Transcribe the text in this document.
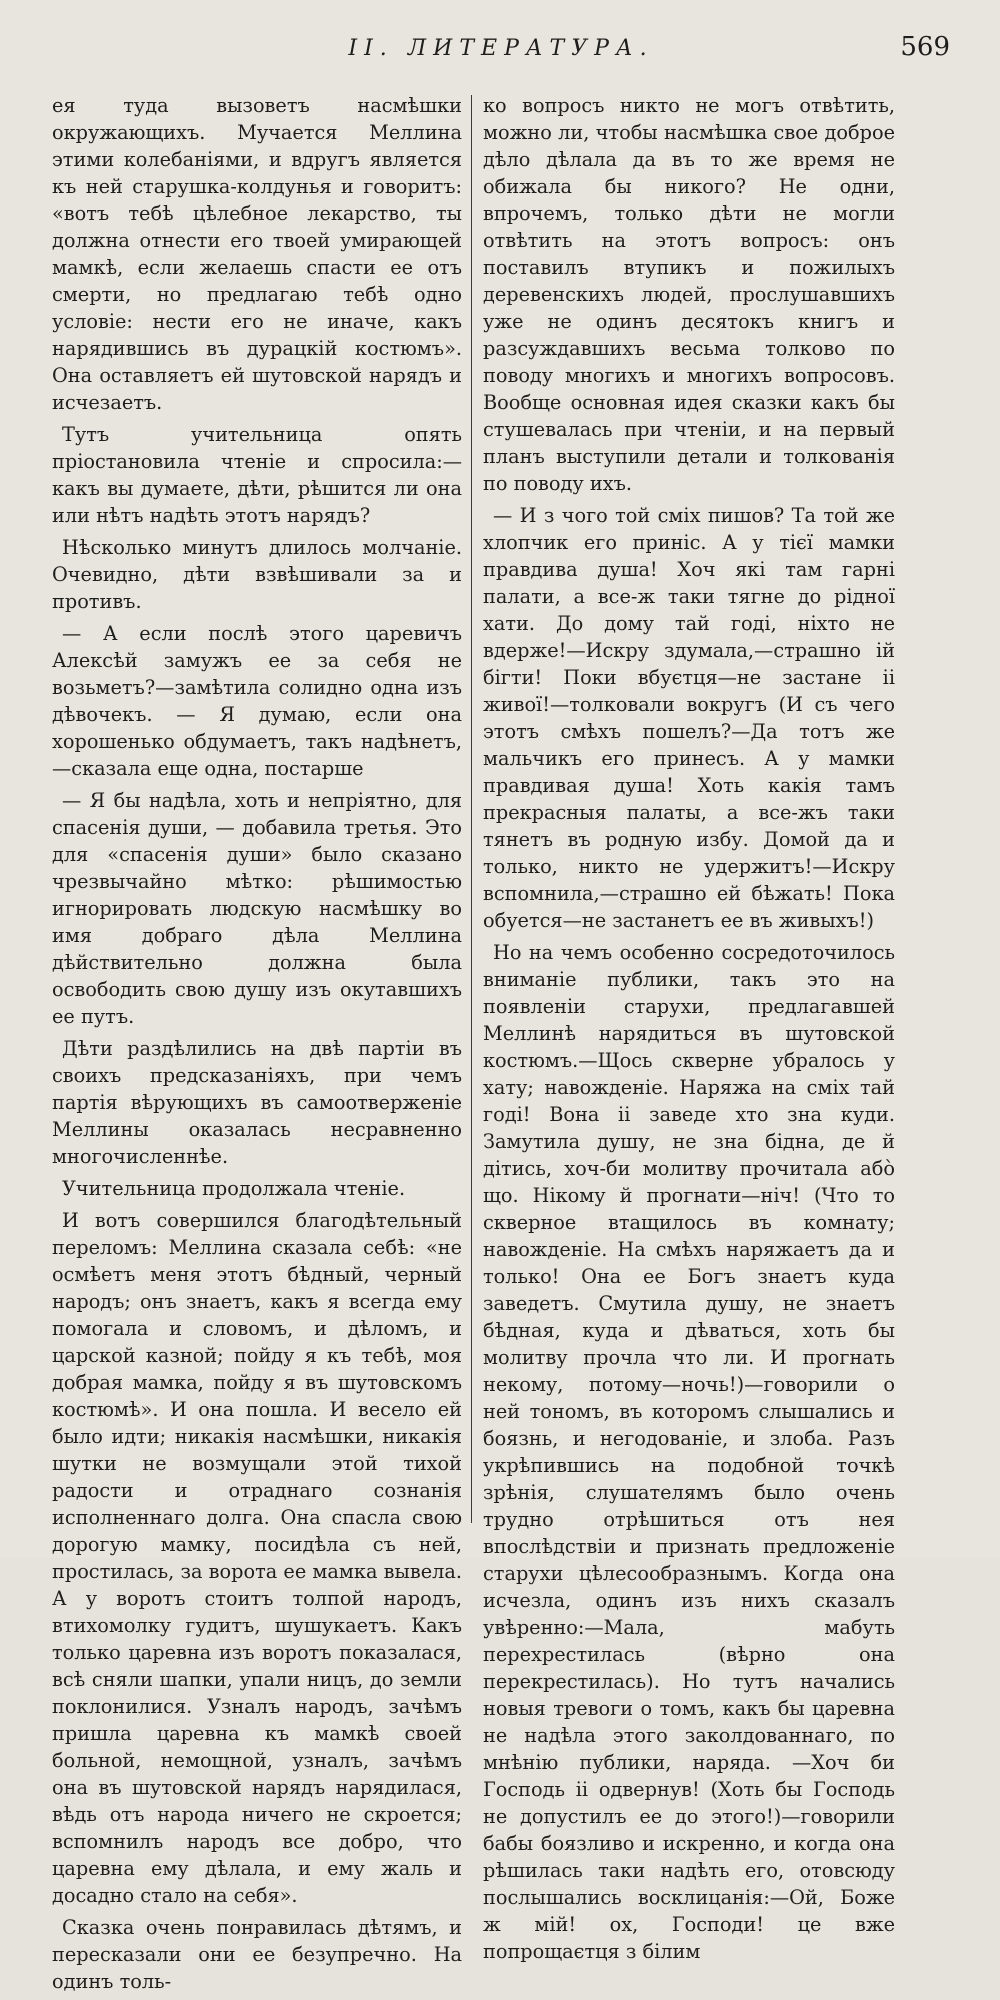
II. ЛИТЕРАТУРА.	569

ея туда вызоветъ насмѣшки окружающихъ. Мучается Меллина этими колебаніями, и вдругъ является къ ней старушка-колдунья и говоритъ: «вотъ тебѣ цѣлебное лекарство, ты должна отнести его твоей умирающей мамкѣ, если желаешь спасти ее отъ смерти, но предлагаю тебѣ одно условіе: нести его не иначе, какъ нарядившись въ дурацкій костюмъ». Она оставляетъ ей шутовской нарядъ и исчезаетъ.

Тутъ учительница опять пріостановила чтеніе и спросила:—какъ вы думаете, дѣти, рѣшится ли она или нѣтъ надѣть этотъ нарядъ?

Нѣсколько минутъ длилось молчаніе. Очевидно, дѣти взвѣшивали за и противъ.

— А если послѣ этого царевичъ Алексѣй замужъ ее за себя не возьметъ?—замѣтила солидно одна изъ дѣвочекъ. — Я думаю, если она хорошенько обдумаетъ, такъ надѣнетъ, —сказала еще одна, постарше

— Я бы надѣла, хоть и непріятно, для спасенія души, — добавила третья. Это для «спасенія души» было сказано чрезвычайно мѣтко: рѣшимостью игнорировать людскую насмѣшку во имя добраго дѣла Меллина дѣйствительно должна была освободить свою душу изъ окутавшихъ ее путъ.

Дѣти раздѣлились на двѣ партіи въ своихъ предсказаніяхъ, при чемъ партія вѣрующихъ въ самоотверженіе Меллины оказалась несравненно многочисленнѣе.

Учительница продолжала чтеніе.

И вотъ совершился благодѣтельный переломъ: Меллина сказала себѣ: «не осмѣетъ меня этотъ бѣдный, черный народъ; онъ знаетъ, какъ я всегда ему помогала и словомъ, и дѣломъ, и царской казной; пойду я къ тебѣ, моя добрая мамка, пойду я въ шутовскомъ костюмѣ». И она пошла. И весело ей было идти; никакія насмѣшки, никакія шутки не возмущали этой тихой радости и отраднаго сознанія исполненнаго долга. Она спасла свою дорогую мамку, посидѣла съ ней, простилась, за ворота ее мамка вывела. А у воротъ стоитъ толпой народъ, втихомолку гудитъ, шушукаетъ. Какъ только царевна изъ воротъ показалася, всѣ сняли шапки, упали ницъ, до земли поклонилися. Узналъ народъ, зачѣмъ пришла царевна къ мамкѣ своей больной, немощной, узналъ, зачѣмъ она въ шутовской нарядъ нарядилася, вѣдь отъ народа ничего не скроется; вспомнилъ народъ все добро, что царевна ему дѣлала, и ему жаль и досадно стало на себя».

Сказка очень понравилась дѣтямъ, и пересказали они ее безупречно. На одинъ толь-

ко вопросъ никто не могъ отвѣтить, можно ли, чтобы насмѣшка свое доброе дѣло дѣлала да въ то же время не обижала бы никого? Не одни, впрочемъ, только дѣти не могли отвѣтить на этотъ вопросъ: онъ поставилъ втупикъ и пожилыхъ деревенскихъ людей, прослушавшихъ уже не одинъ десятокъ книгъ и разсуждавшихъ весьма толково по поводу многихъ и многихъ вопросовъ. Вообще основная идея сказки какъ бы стушевалась при чтеніи, и на первый планъ выступили детали и толкованія по поводу ихъ.

— И з чого той сміх пишов? Та той же хлопчик его приніс. А у тієї мамки правдива душа! Хоч які там гарні палати, а все-ж таки тягне до рідної хати. До дому тай годі, ніхто не вдерже!—Искру здумала,—страшно ій бігти! Поки вбуєтця—не застане іі живої!—толковали вокругъ (И съ чего этотъ смѣхъ пошелъ?—Да тотъ же мальчикъ его принесъ. А у мамки правдивая душа! Хоть какія тамъ прекрасныя палаты, а все-жъ таки тянетъ въ родную избу. Домой да и только, никто не удержитъ!—Искру вспомнила,—страшно ей бѣжать! Пока обуется—не застанетъ ее въ живыхъ!)

Но на чемъ особенно сосредоточилось вниманіе публики, такъ это на появленіи старухи, предлагавшей Меллинѣ нарядиться въ шутовской костюмъ.—Щось скверне убралось у хату; навожденіе. Наряжа на сміх тай годі! Вона іі заведе хто зна куди. Замутила душу, не зна бідна, де й дітись, хоч-би молитву прочитала абò що. Нікому й прогнати—ніч! (Что то скверное втащилось въ комнату; навожденіе. На смѣхъ наряжаетъ да и только! Она ее Богъ знаетъ куда заведетъ. Смутила душу, не знаетъ бѣдная, куда и дѣваться, хоть бы молитву прочла что ли. И прогнать некому, потому—ночь!)—говорили о ней тономъ, въ которомъ слышались и боязнь, и негодованіе, и злоба. Разъ укрѣпившись на подобной точкѣ зрѣнія, слушателямъ было очень трудно отрѣшиться отъ нея впослѣдствіи и признать предложеніе старухи цѣлесообразнымъ. Когда она исчезла, одинъ изъ нихъ сказалъ увѣренно:—Мала, мабуть перехрестилась (вѣрно она перекрестилась). Но тутъ начались новыя тревоги о томъ, какъ бы царевна не надѣла этого заколдованнаго, по мнѣнію публики, наряда. —Хоч би Господь іі одвернув! (Хоть бы Господь не допустилъ ее до этого!)—говорили бабы боязливо и искренно, и когда она рѣшилась таки надѣть его, отовсюду послышались восклицанія:—Ой, Боже ж мій! ох, Господи! це вже попрощаєтця з білим
